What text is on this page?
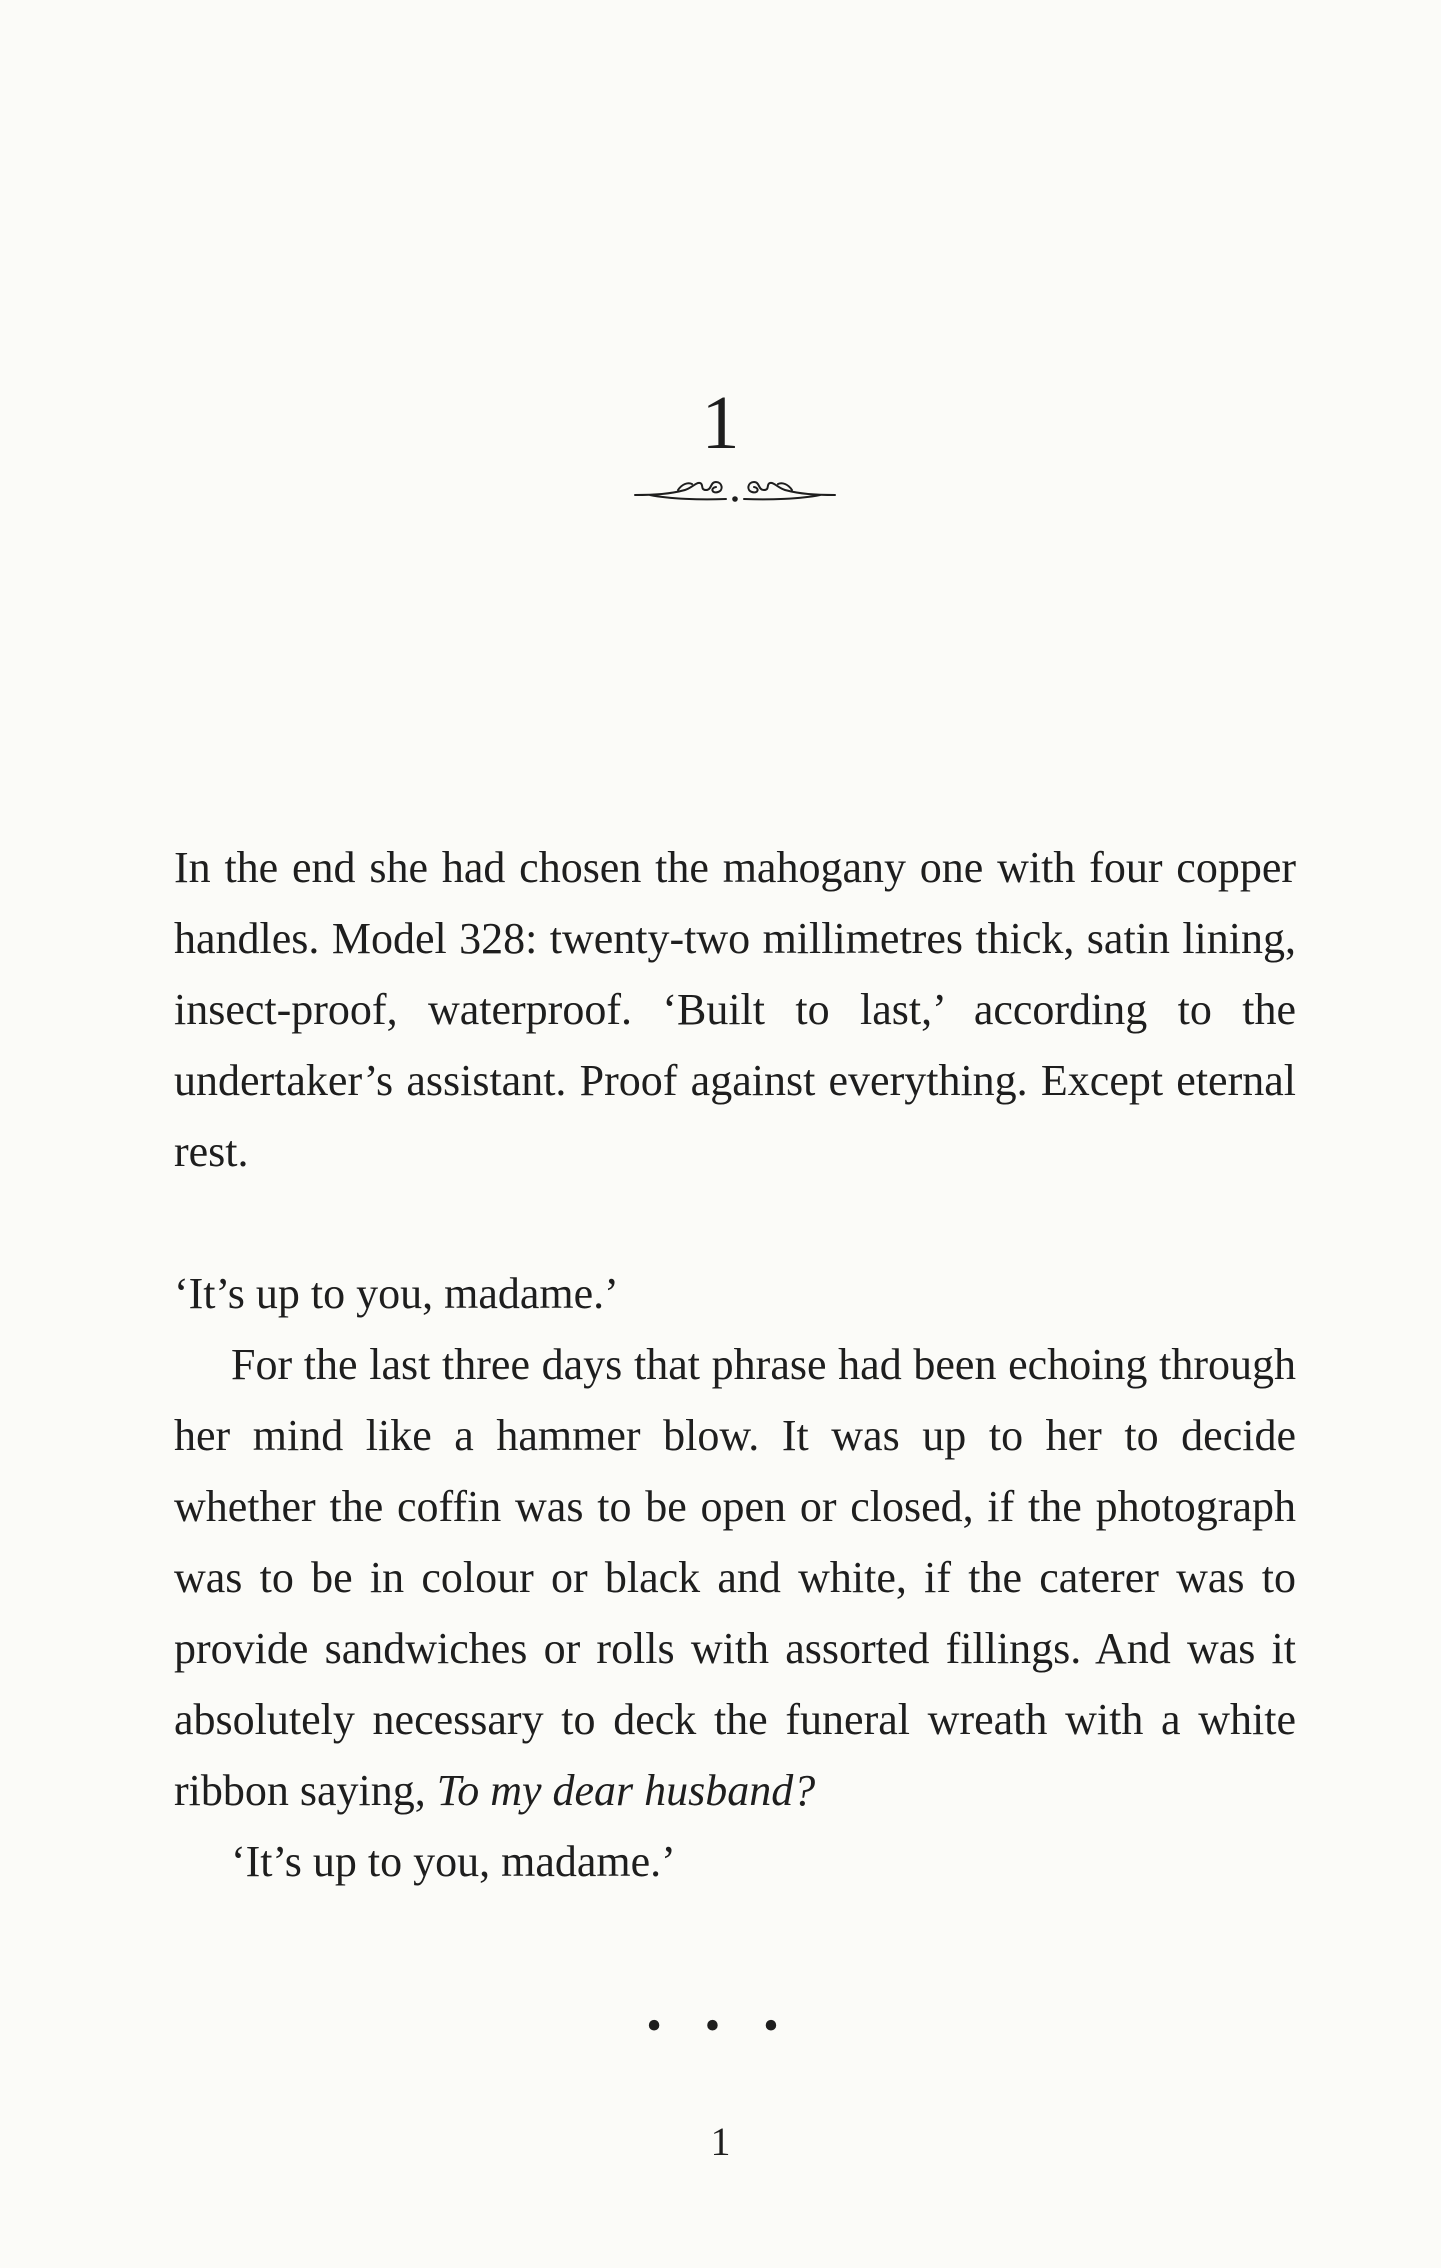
1

In the end she had chosen the mahogany one with four copper handles. Model 328: twenty-two millimetres thick, satin lining, insect-proof, waterproof. ‘Built to last,’ according to the undertaker’s assistant. Proof against everything. Except eternal rest.

‘It’s up to you, madame.’

For the last three days that phrase had been echoing through her mind like a hammer blow. It was up to her to decide whether the coffin was to be open or closed, if the photograph was to be in colour or black and white, if the caterer was to provide sandwiches or rolls with assorted fillings. And was it absolutely necessary to deck the funeral wreath with a white ribbon saying, To my dear husband?

‘It’s up to you, madame.’

• • •
1
